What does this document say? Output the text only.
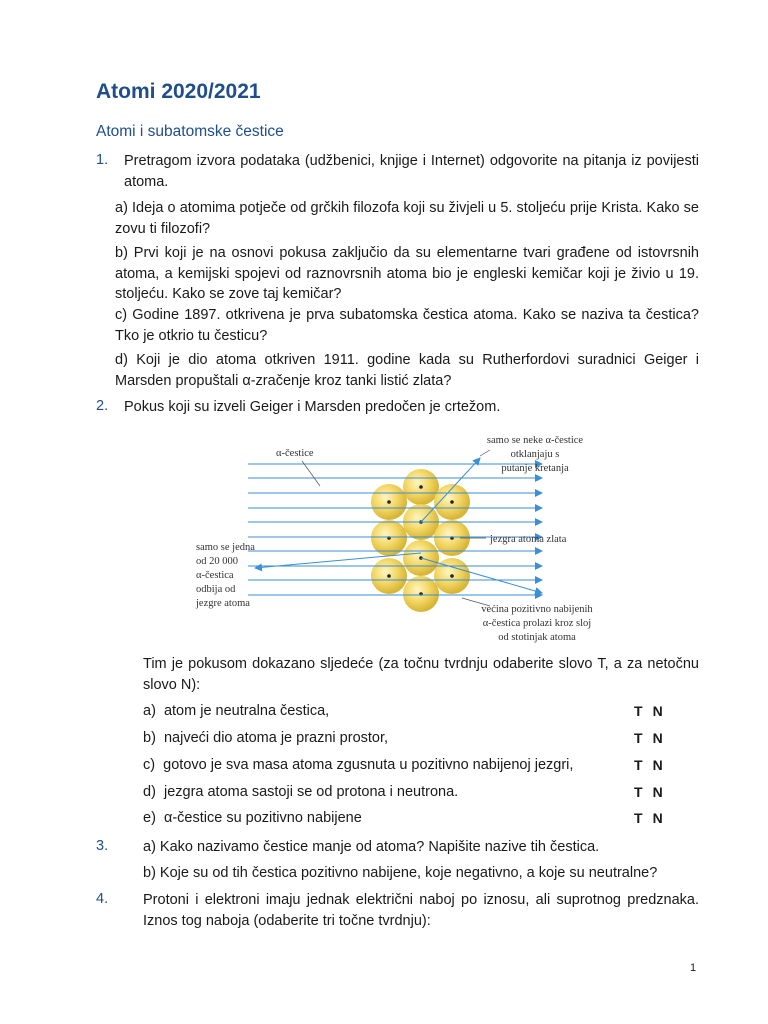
Atomi 2020/2021
Atomi i subatomske čestice
1. Pretragom izvora podataka (udžbenici, knjige i Internet) odgovorite na pitanja iz povijesti atoma.

a) Ideja o atomima potječe od grčkih filozofa koji su živjeli u 5. stoljeću prije Krista. Kako se zovu ti filozofi?

b) Prvi koji je na osnovi pokusa zaključio da su elementarne tvari građene od istovrsnih atoma, a kemijski spojevi od raznovrsnih atoma bio je engleski kemičar koji je živio u 19. stoljeću. Kako se zove taj kemičar?

c) Godine 1897. otkrivena je prva subatomska čestica atoma. Kako se naziva ta čestica? Tko je otkrio tu česticu?

d) Koji je dio atoma otkriven 1911. godine kada su Rutherfordovi suradnici Geiger i Marsden propuštali α-zračenje kroz tanki listić zlata?

2. Pokus koji su izveli Geiger i Marsden predočen je crtežom.

α-čestice
samo se neke α-čestice
otklanjaju s
putanje kretanja
jezgra atoma zlata
samo se jedna
od 20 000
α-čestica
odbija od
jezgre atoma
većina pozitivno nabijenih
α-čestica prolazi kroz sloj
od stotinjak atoma

Tim je pokusom dokazano sljedeće (za točnu tvrdnju odaberite slovo T, a za netočnu slovo N):

a) atom je neutralna čestica,	T N
b) najveći dio atoma je prazni prostor,	T N
c) gotovo je sva masa atoma zgusnuta u pozitivno nabijenoj jezgri,	T N
d) jezgra atoma sastoji se od protona i neutrona.	T N
e) α-čestice su pozitivno nabijene	T N
3. a) Kako nazivamo čestice manje od atoma? Napišite nazive tih čestica.

b) Koje su od tih čestica pozitivno nabijene, koje negativno, a koje su neutralne?

4. Protoni i elektroni imaju jednak električni naboj po iznosu, ali suprotnog predznaka. Iznos tog naboja (odaberite tri točne tvrdnju):

1
